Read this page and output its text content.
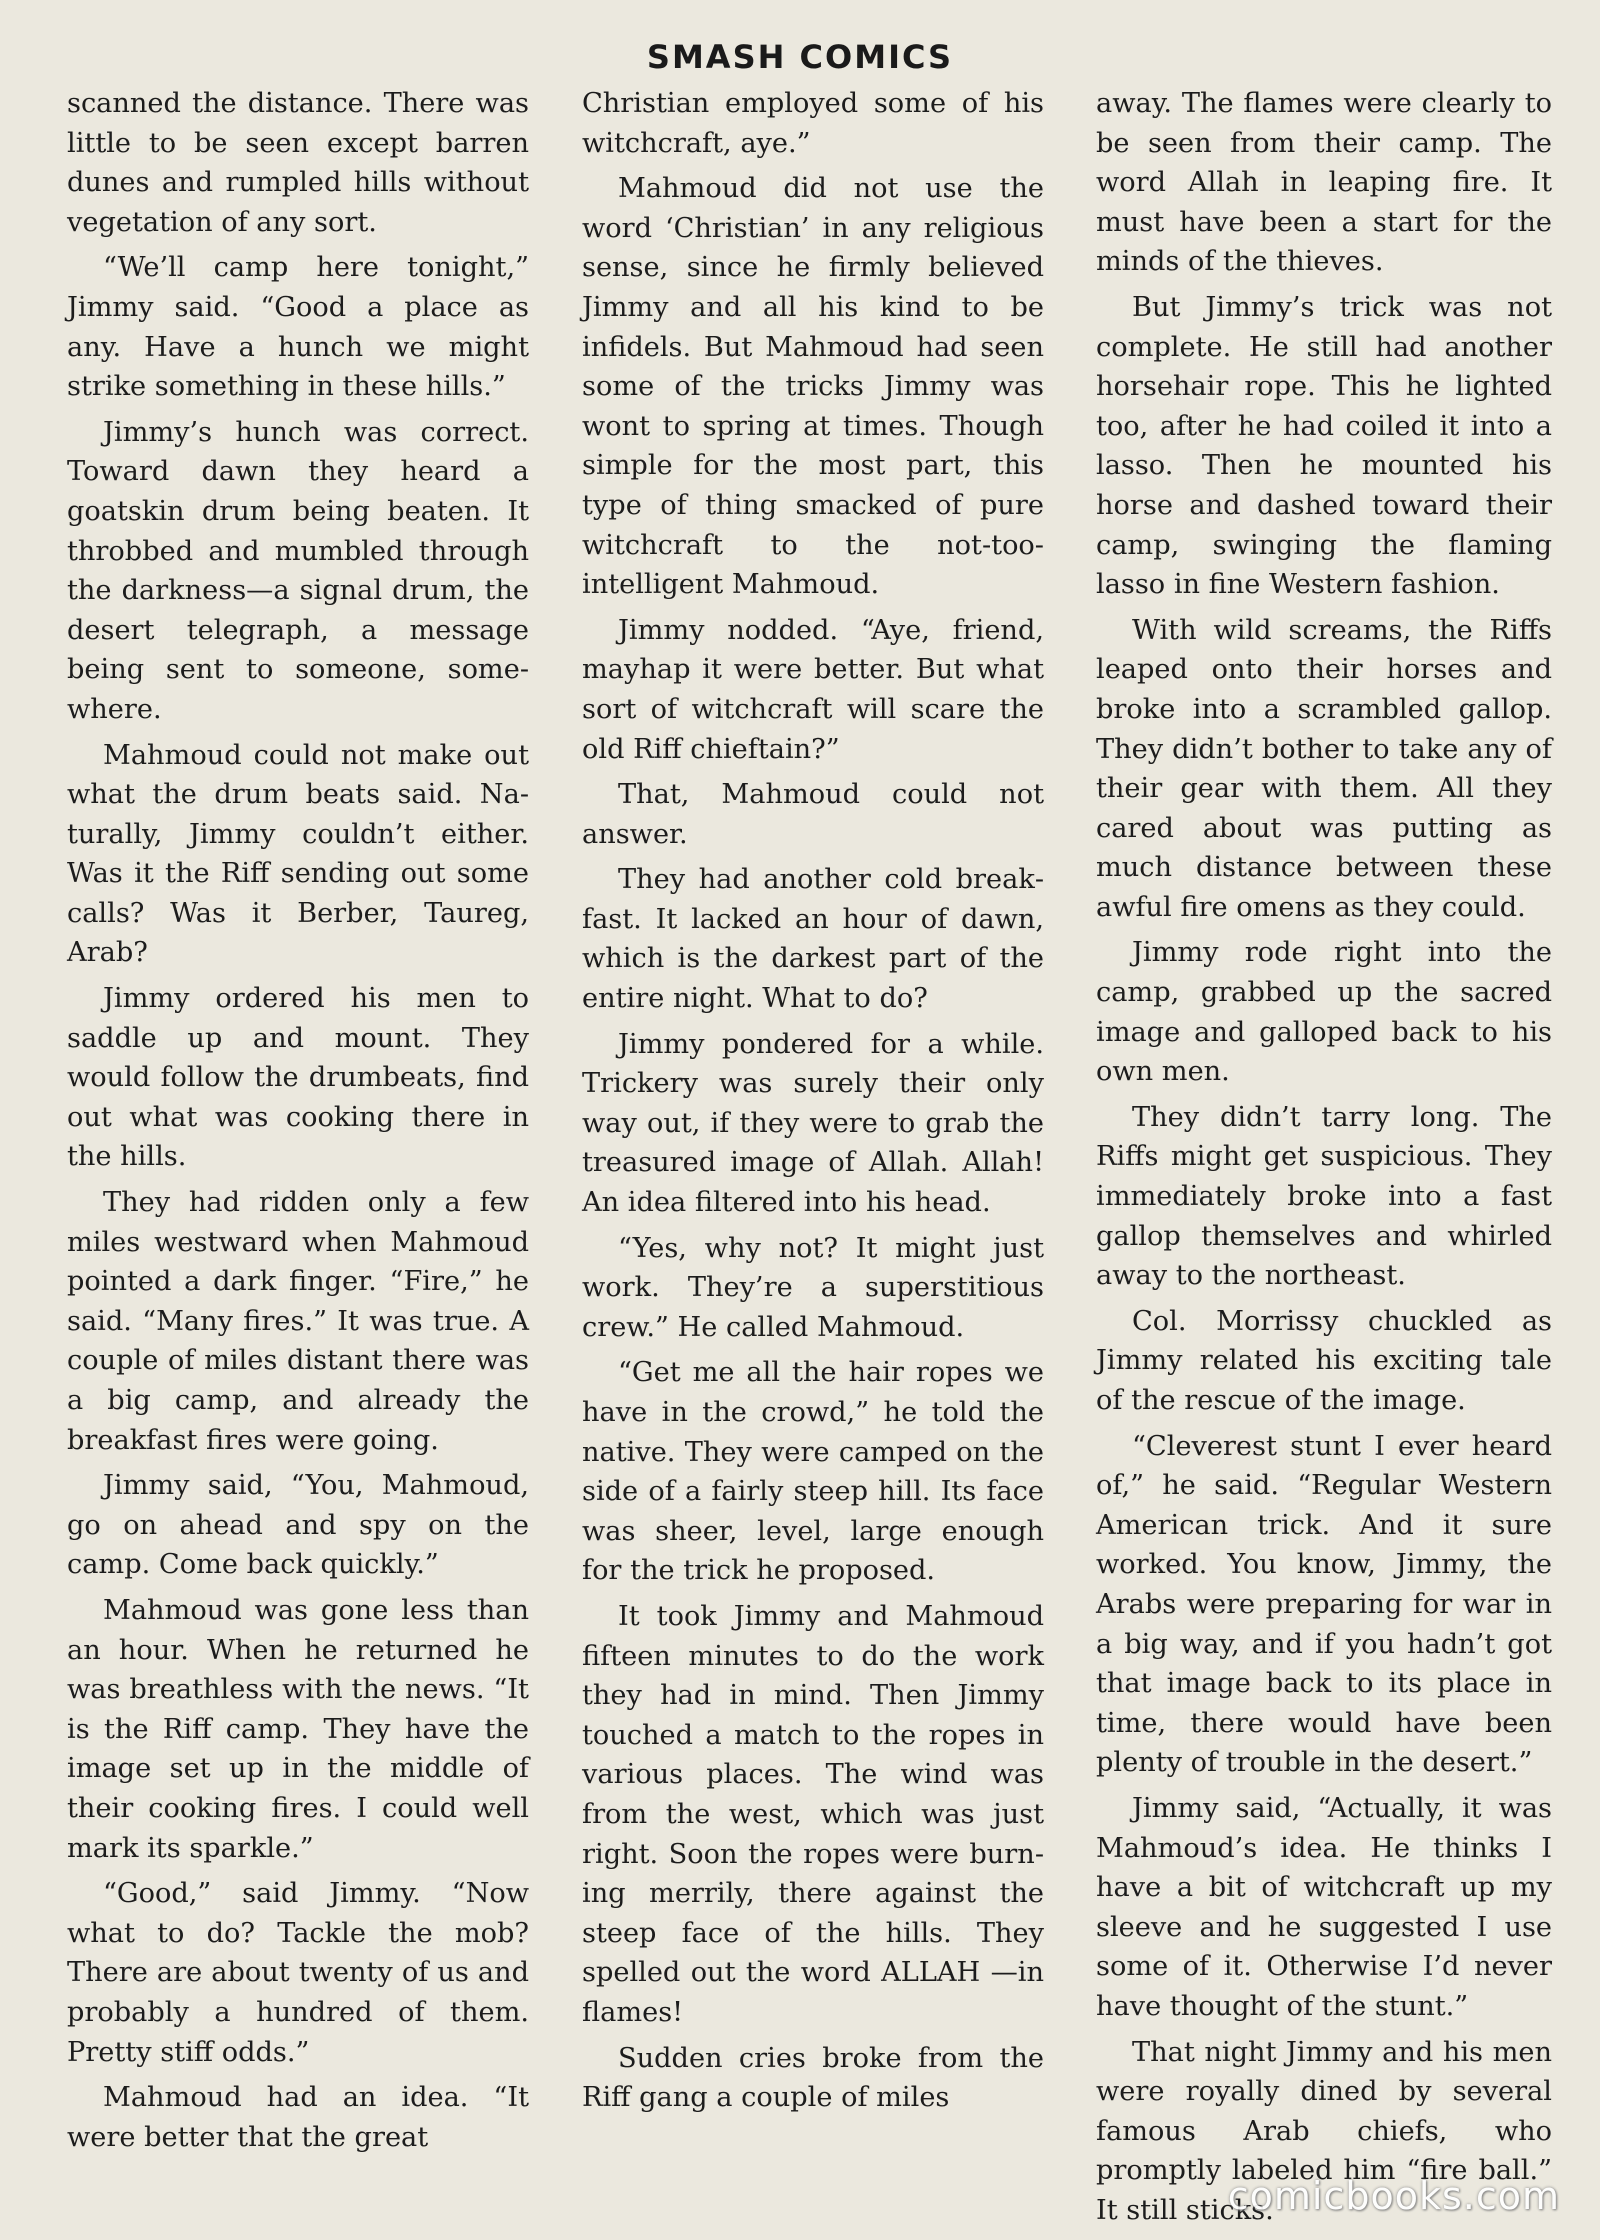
SMASH COMICS

scanned the distance. There was little to be seen except barren dunes and rumpled hills without vegetation of any sort.

“We’ll camp here tonight,” Jimmy said. “Good a place as any. Have a hunch we might strike something in these hills.”

Jimmy’s hunch was correct. Toward dawn they heard a goatskin drum being beaten. It throbbed and mumbled through the darkness—a signal drum, the desert telegraph, a message being sent to someone, somewhere.

Mahmoud could not make out what the drum beats said. Naturally, Jimmy couldn’t either. Was it the Riff sending out some calls? Was it Berber, Taureg, Arab?

Jimmy ordered his men to saddle up and mount. They would follow the drumbeats, find out what was cooking there in the hills.

They had ridden only a few miles westward when Mahmoud pointed a dark finger. “Fire,” he said. “Many fires.” It was true. A couple of miles distant there was a big camp, and already the breakfast fires were going.

Jimmy said, “You, Mahmoud, go on ahead and spy on the camp. Come back quickly.”

Mahmoud was gone less than an hour. When he returned he was breathless with the news. “It is the Riff camp. They have the image set up in the middle of their cooking fires. I could well mark its sparkle.”

“Good,” said Jimmy. “Now what to do? Tackle the mob? There are about twenty of us and probably a hundred of them. Pretty stiff odds.”

Mahmoud had an idea. “It were better that the great

Christian employed some of his witchcraft, aye.”

Mahmoud did not use the word ‘Christian’ in any religious sense, since he firmly believed Jimmy and all his kind to be infidels. But Mahmoud had seen some of the tricks Jimmy was wont to spring at times. Though simple for the most part, this type of thing smacked of pure witchcraft to the not-too-intelligent Mahmoud.

Jimmy nodded. “Aye, friend, mayhap it were better. But what sort of witchcraft will scare the old Riff chieftain?”

That, Mahmoud could not answer.

They had another cold breakfast. It lacked an hour of dawn, which is the darkest part of the entire night. What to do?

Jimmy pondered for a while. Trickery was surely their only way out, if they were to grab the treasured image of Allah. Allah! An idea filtered into his head.

“Yes, why not? It might just work. They’re a superstitious crew.” He called Mahmoud.

“Get me all the hair ropes we have in the crowd,” he told the native. They were camped on the side of a fairly steep hill. Its face was sheer, level, large enough for the trick he proposed.

It took Jimmy and Mahmoud fifteen minutes to do the work they had in mind. Then Jimmy touched a match to the ropes in various places. The wind was from the west, which was just right. Soon the ropes were burning merrily, there against the steep face of the hills. They spelled out the word ALLAH —in flames!

Sudden cries broke from the Riff gang a couple of miles

away. The flames were clearly to be seen from their camp. The word Allah in leaping fire. It must have been a start for the minds of the thieves.

But Jimmy’s trick was not complete. He still had another horsehair rope. This he lighted too, after he had coiled it into a lasso. Then he mounted his horse and dashed toward their camp, swinging the flaming lasso in fine Western fashion.

With wild screams, the Riffs leaped onto their horses and broke into a scrambled gallop. They didn’t bother to take any of their gear with them. All they cared about was putting as much distance between these awful fire omens as they could.

Jimmy rode right into the camp, grabbed up the sacred image and galloped back to his own men.

They didn’t tarry long. The Riffs might get suspicious. They immediately broke into a fast gallop themselves and whirled away to the northeast.

Col. Morrissy chuckled as Jimmy related his exciting tale of the rescue of the image.

“Cleverest stunt I ever heard of,” he said. “Regular Western American trick. And it sure worked. You know, Jimmy, the Arabs were preparing for war in a big way, and if you hadn’t got that image back to its place in time, there would have been plenty of trouble in the desert.”

Jimmy said, “Actually, it was Mahmoud’s idea. He thinks I have a bit of witchcraft up my sleeve and he suggested I use some of it. Otherwise I’d never have thought of the stunt.”

That night Jimmy and his men were royally dined by several famous Arab chiefs, who promptly labeled him “fire ball.” It still sticks.

comicbooks.com
